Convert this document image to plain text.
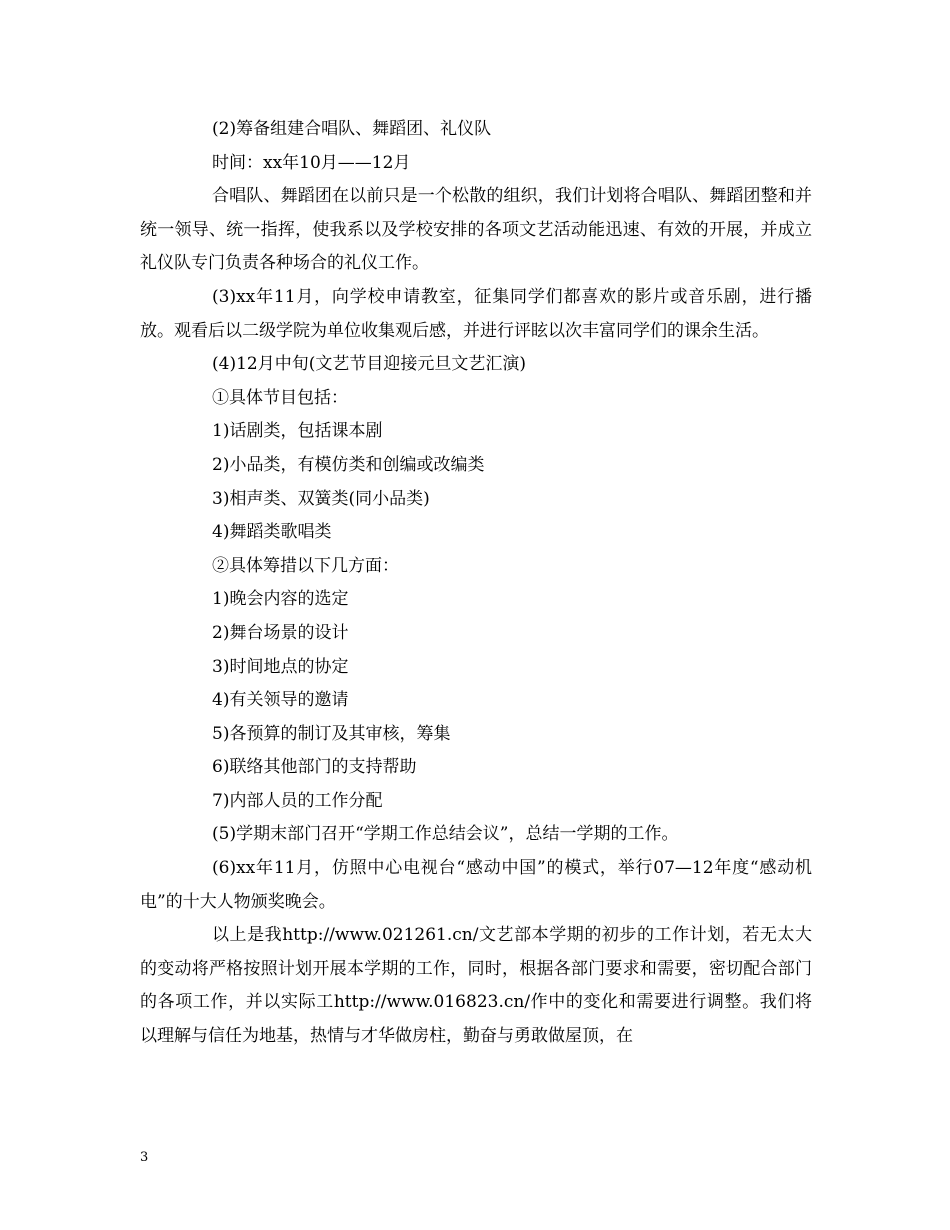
(2)筹备组建合唱队、舞蹈团、礼仪队

时间：xx年10月——12月

合唱队、舞蹈团在以前只是一个松散的组织，我们计划将合唱队、舞蹈团整和并统一领导、统一指挥，使我系以及学校安排的各项文艺活动能迅速、有效的开展，并成立礼仪队专门负责各种场合的礼仪工作。

(3)xx年11月，向学校申请教室，征集同学们都喜欢的影片或音乐剧，进行播放。观看后以二级学院为单位收集观后感，并进行评眩以次丰富同学们的课余生活。

(4)12月中旬(文艺节目迎接元旦文艺汇演)

①具体节目包括：

1)话剧类，包括课本剧

2)小品类，有模仿类和创编或改编类

3)相声类、双簧类(同小品类)

4)舞蹈类歌唱类

②具体筹措以下几方面：

1)晚会内容的选定

2)舞台场景的设计

3)时间地点的协定

4)有关领导的邀请

5)各预算的制订及其审核，筹集

6)联络其他部门的支持帮助

7)内部人员的工作分配

(5)学期末部门召开“学期工作总结会议”，总结一学期的工作。

(6)xx年11月，仿照中心电视台“感动中国”的模式，举行07—12年度“感动机电”的十大人物颁奖晚会。

以上是我http://www.021261.cn/文艺部本学期的初步的工作计划，若无太大的变动将严格按照计划开展本学期的工作，同时，根据各部门要求和需要，密切配合部门的各项工作，并以实际工http://www.016823.cn/作中的变化和需要进行调整。我们将以理解与信任为地基，热情与才华做房柱，勤奋与勇敢做屋顶，在

3
